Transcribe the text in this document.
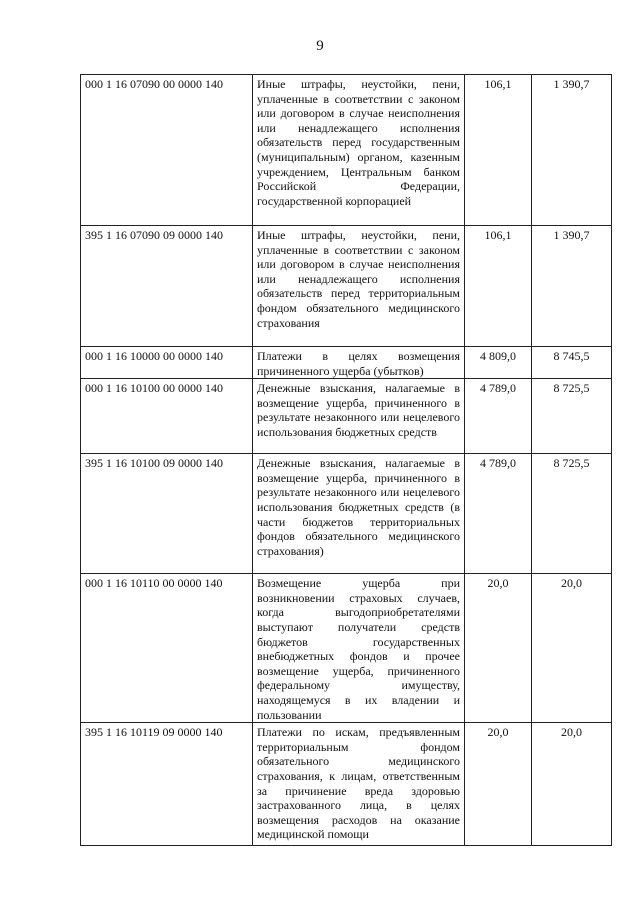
9
000 1 16 07090 00 0000 140	Иные штрафы, неустойки, пени, уплаченные в соответствии с законом или договором в случае неисполнения или ненадлежащего исполнения обязательств перед государственным (муниципальным) органом, казенным учреждением, Центральным банком Российской Федерации, государственной корпорацией	106,1	1 390,7
395 1 16 07090 09 0000 140	Иные штрафы, неустойки, пени, уплаченные в соответствии с законом или договором в случае неисполнения или ненадлежащего исполнения обязательств перед территориальным фондом обязательного медицинского страхования	106,1	1 390,7
000 1 16 10000 00 0000 140	Платежи в целях возмещения причиненного ущерба (убытков)	4 809,0	8 745,5
000 1 16 10100 00 0000 140	Денежные взыскания, налагаемые в возмещение ущерба, причиненного в результате незаконного или нецелевого использования бюджетных средств	4 789,0	8 725,5
395 1 16 10100 09 0000 140	Денежные взыскания, налагаемые в возмещение ущерба, причиненного в результате незаконного или нецелевого использования бюджетных средств (в части бюджетов территориальных фондов обязательного медицинского страхования)	4 789,0	8 725,5
000 1 16 10110 00 0000 140	Возмещение ущерба при возникновении страховых случаев, когда выгодоприобретателями выступают получатели средств бюджетов государственных внебюджетных фондов и прочее возмещение ущерба, причиненного федеральному имуществу, находящемуся в их владении и пользовании	20,0	20,0
395 1 16 10119 09 0000 140	Платежи по искам, предъявленным территориальным фондом обязательного медицинского страхования, к лицам, ответственным за причинение вреда здоровью застрахованного лица, в целях возмещения расходов на оказание медицинской помощи	20,0	20,0
